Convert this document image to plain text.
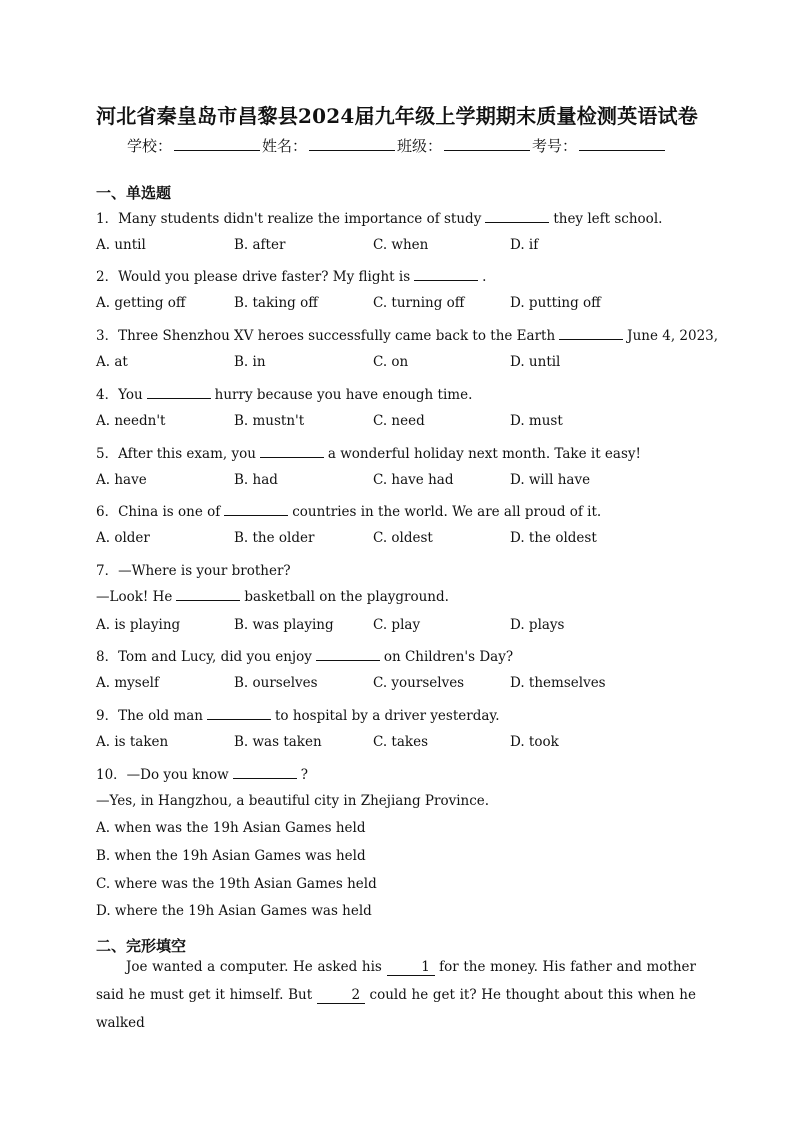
河北省秦皇岛市昌黎县2024届九年级上学期期末质量检测英语试卷
学校：	姓名：	班级：	考号：
一、单选题
1．Many students didn't realize the importance of study	they left school.
A. until	B. after	C. when	D. if
2．Would you please drive faster? My flight is	.
A. getting off	B. taking off	C. turning off	D. putting off
3．Three Shenzhou XV heroes successfully came back to the Earth	June 4, 2023,
A. at	B. in	C. on	D. until
4．You	hurry because you have enough time.
A. needn't	B. mustn't	C. need	D. must
5．After this exam, you	a wonderful holiday next month. Take it easy!
A. have	B. had	C. have had	D. will have
6．China is one of	countries in the world. We are all proud of it.
A. older	B. the older	C. oldest	D. the oldest
7．—Where is your brother?
—Look! He	basketball on the playground.
A. is playing	B. was playing	C. play	D. plays
8．Tom and Lucy, did you enjoy	on Children's Day?
A. myself	B. ourselves	C. yourselves	D. themselves
9．The old man	to hospital by a driver yesterday.
A. is taken	B. was taken	C. takes	D. took
10．—Do you know	?
—Yes, in Hangzhou, a beautiful city in Zhejiang Province.
A. when was the 19h Asian Games held
B. when the 19h Asian Games was held
C. where was the 19th Asian Games held
D. where the 19h Asian Games was held
二、完形填空
Joe wanted a computer. He asked his	1 for the money. His father and mother said he must get it himself. But	2 could he get it? He thought about this when he walked
